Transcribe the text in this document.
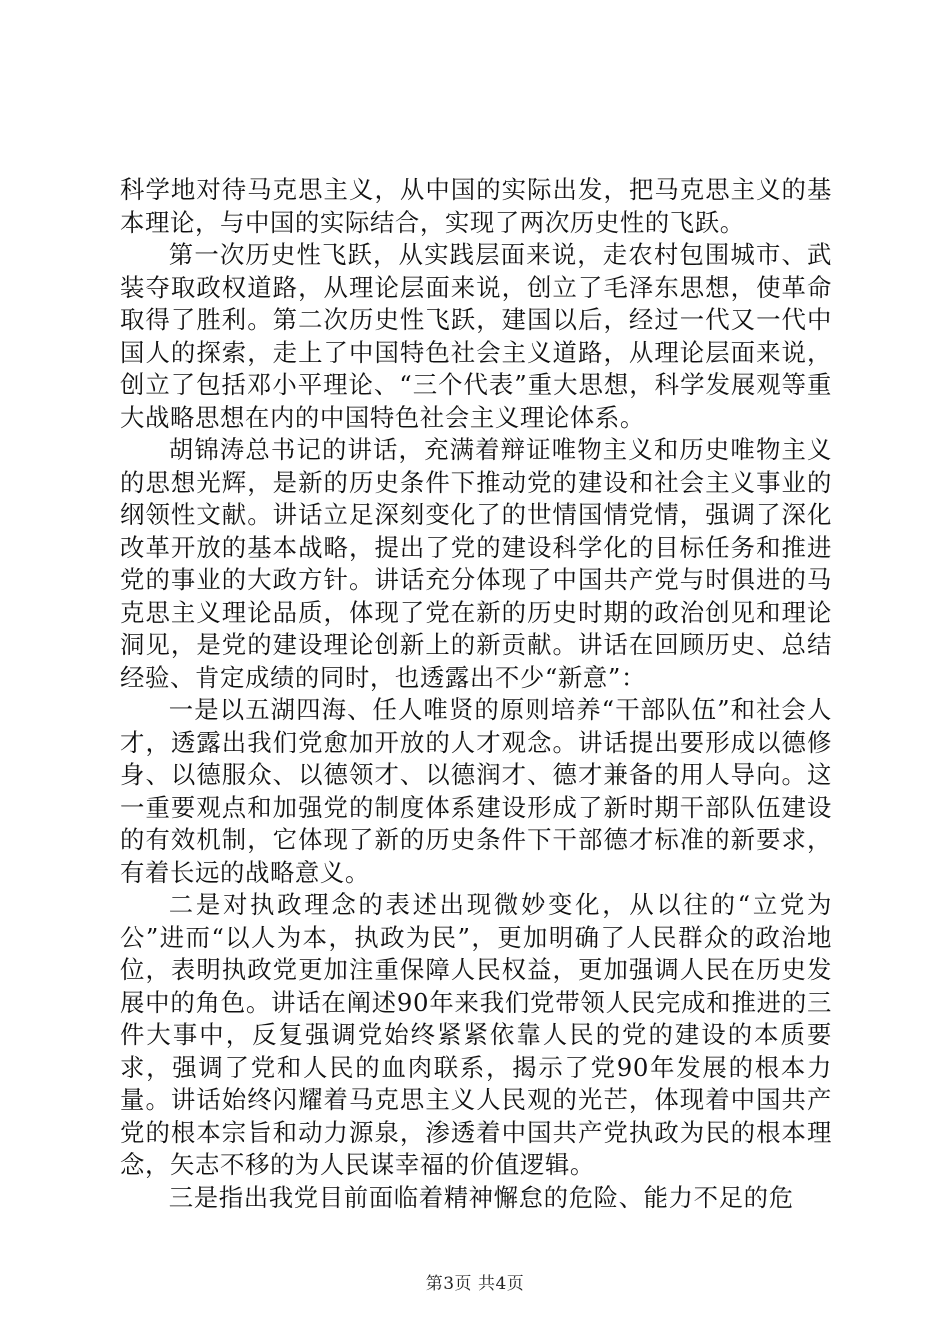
科学地对待马克思主义，从中国的实际出发，把马克思主义的基本理论，与中国的实际结合，实现了两次历史性的飞跃。

第一次历史性飞跃，从实践层面来说，走农村包围城市、武装夺取政权道路，从理论层面来说，创立了毛泽东思想，使革命取得了胜利。第二次历史性飞跃，建国以后，经过一代又一代中国人的探索，走上了中国特色社会主义道路，从理论层面来说，创立了包括邓小平理论、“三个代表”重大思想，科学发展观等重大战略思想在内的中国特色社会主义理论体系。

胡锦涛总书记的讲话，充满着辩证唯物主义和历史唯物主义的思想光辉，是新的历史条件下推动党的建设和社会主义事业的纲领性文献。讲话立足深刻变化了的世情国情党情，强调了深化改革开放的基本战略，提出了党的建设科学化的目标任务和推进党的事业的大政方针。讲话充分体现了中国共产党与时俱进的马克思主义理论品质，体现了党在新的历史时期的政治创见和理论洞见，是党的建设理论创新上的新贡献。讲话在回顾历史、总结经验、肯定成绩的同时，也透露出不少“新意”：

一是以五湖四海、任人唯贤的原则培养“干部队伍”和社会人才，透露出我们党愈加开放的人才观念。讲话提出要形成以德修身、以德服众、以德领才、以德润才、德才兼备的用人导向。这一重要观点和加强党的制度体系建设形成了新时期干部队伍建设的有效机制，它体现了新的历史条件下干部德才标准的新要求，有着长远的战略意义。

二是对执政理念的表述出现微妙变化，从以往的“立党为公”进而“以人为本，执政为民”，更加明确了人民群众的政治地位，表明执政党更加注重保障人民权益，更加强调人民在历史发展中的角色。讲话在阐述90年来我们党带领人民完成和推进的三件大事中，反复强调党始终紧紧依靠人民的党的建设的本质要求，强调了党和人民的血肉联系，揭示了党90年发展的根本力量。讲话始终闪耀着马克思主义人民观的光芒，体现着中国共产党的根本宗旨和动力源泉，渗透着中国共产党执政为民的根本理念，矢志不移的为人民谋幸福的价值逻辑。

三是指出我党目前面临着精神懈怠的危险、能力不足的危

第3页 共4页
